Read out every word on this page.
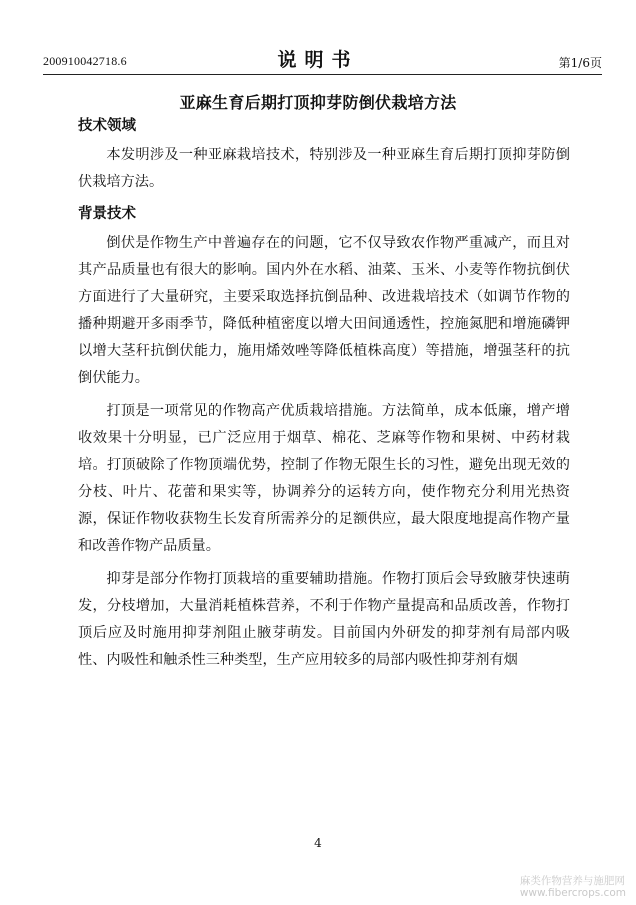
200910042718.6	说明书	第1/6页
亚麻生育后期打顶抑芽防倒伏栽培方法
技术领域

本发明涉及一种亚麻栽培技术，特别涉及一种亚麻生育后期打顶抑芽防倒伏栽培方法。

背景技术

倒伏是作物生产中普遍存在的问题，它不仅导致农作物严重减产，而且对其产品质量也有很大的影响。国内外在水稻、油菜、玉米、小麦等作物抗倒伏方面进行了大量研究，主要采取选择抗倒品种、改进栽培技术（如调节作物的播种期避开多雨季节，降低种植密度以增大田间通透性，控施氮肥和增施磷钾以增大茎秆抗倒伏能力，施用烯效唑等降低植株高度）等措施，增强茎秆的抗倒伏能力。

打顶是一项常见的作物高产优质栽培措施。方法简单，成本低廉，增产增收效果十分明显，已广泛应用于烟草、棉花、芝麻等作物和果树、中药材栽培。打顶破除了作物顶端优势，控制了作物无限生长的习性，避免出现无效的分枝、叶片、花蕾和果实等，协调养分的运转方向，使作物充分利用光热资源，保证作物收获物生长发育所需养分的足额供应，最大限度地提高作物产量和改善作物产品质量。

抑芽是部分作物打顶栽培的重要辅助措施。作物打顶后会导致腋芽快速萌发，分枝增加，大量消耗植株营养，不利于作物产量提高和品质改善，作物打顶后应及时施用抑芽剂阻止腋芽萌发。目前国内外研发的抑芽剂有局部内吸性、内吸性和触杀性三种类型，生产应用较多的局部内吸性抑芽剂有烟

4
麻类作物营养与施肥网
www.fibercrops.com
